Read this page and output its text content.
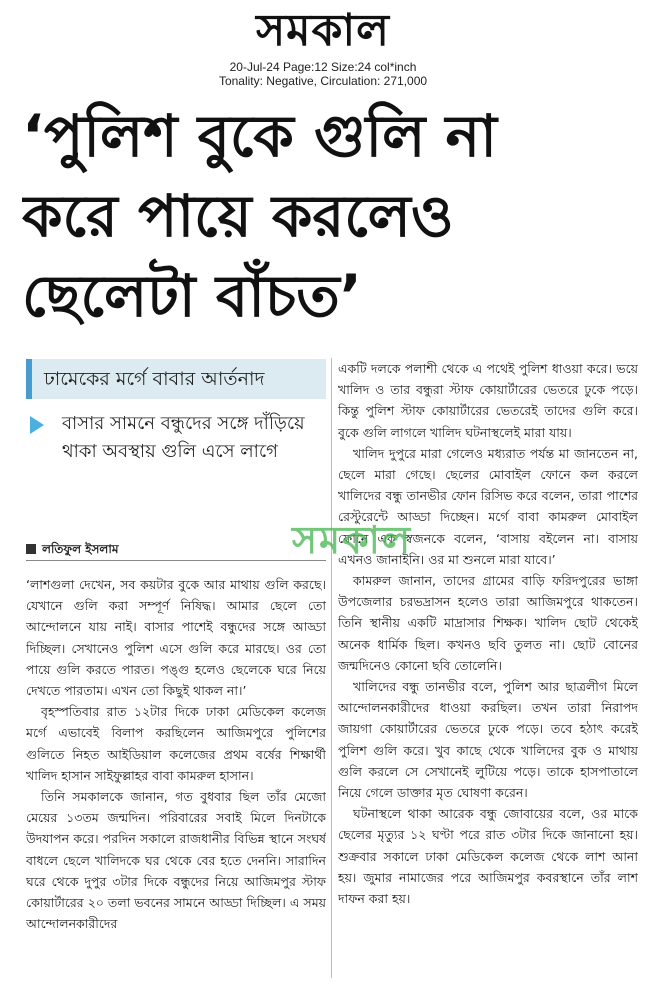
সমকাল
20-Jul-24 Page:12 Size:24 col*inch
Tonality: Negative, Circulation: 271,000
‘পুলিশ বুকে গুলি না
করে পায়ে করলেও
ছেলেটা বাঁচত’
ঢামেকের মর্গে বাবার আর্তনাদ
বাসার সামনে বন্ধুদের সঙ্গে দাঁড়িয়ে থাকা অবস্থায় গুলি এসে লাগে
লতিফুল ইসলাম

‘লাশগুলা দেখেন, সব কয়টার বুকে আর মাথায় গুলি করছে। যেখানে গুলি করা সম্পূর্ণ নিষিদ্ধ। আমার ছেলে তো আন্দোলনে যায় নাই। বাসার পাশেই বন্ধুদের সঙ্গে আড্ডা দিচ্ছিল। সেখানেও পুলিশ এসে গুলি করে মারছে। ওর তো পায়ে গুলি করতে পারত। পঙ্গু হলেও ছেলেকে ঘরে নিয়ে দেখতে পারতাম। এখন তো কিছুই থাকল না।’

বৃহস্পতিবার রাত ১২টার দিকে ঢাকা মেডিকেল কলেজ মর্গে এভাবেই বিলাপ করছিলেন আজিমপুরে পুলিশের গুলিতে নিহত আইডিয়াল কলেজের প্রথম বর্ষের শিক্ষার্থী খালিদ হাসান সাইফুল্লাহর বাবা কামরুল হাসান।

তিনি সমকালকে জানান, গত বুধবার ছিল তাঁর মেজো মেয়ের ১৩তম জন্মদিন। পরিবারের সবাই মিলে দিনটাকে উদযাপন করে। পরদিন সকালে রাজধানীর বিভিন্ন স্থানে সংঘর্ষ বাধলে ছেলে খালিদকে ঘর থেকে বের হতে দেননি। সারাদিন ঘরে থেকে দুপুর ৩টার দিকে বন্ধুদের নিয়ে আজিমপুর স্টাফ কোয়ার্টারের ২০ তলা ভবনের সামনে আড্ডা দিচ্ছিল। এ সময় আন্দোলনকারীদের

একটি দলকে পলাশী থেকে এ পথেই পুলিশ ধাওয়া করে। ভয়ে খালিদ ও তার বন্ধুরা স্টাফ কোয়ার্টারের ভেতরে ঢুকে পড়ে। কিন্তু পুলিশ স্টাফ কোয়ার্টারের ভেতরেই তাদের গুলি করে। বুকে গুলি লাগলে খালিদ ঘটনাস্থলেই মারা যায়।

খালিদ দুপুরে মারা গেলেও মধ্যরাত পর্যন্ত মা জানতেন না, ছেলে মারা গেছে। ছেলের মোবাইল ফোনে কল করলে খালিদের বন্ধু তানভীর ফোন রিসিভ করে বলেন, তারা পাশের রেস্টুরেন্টে আড্ডা দিচ্ছেন। মর্গে বাবা কামরুল মোবাইল ফোনে এক স্বজনকে বলেন, ‘বাসায় বইলেন না। বাসায় এখনও জানাইনি। ওর মা শুনলে মারা যাবে।’

কামরুল জানান, তাদের গ্রামের বাড়ি ফরিদপুরের ভাঙ্গা উপজেলার চরভদ্রাসন হলেও তারা আজিমপুরে থাকতেন। তিনি স্থানীয় একটি মাদ্রাসার শিক্ষক। খালিদ ছোট থেকেই অনেক ধার্মিক ছিল। কখনও ছবি তুলত না। ছোট বোনের জন্মদিনেও কোনো ছবি তোলেনি।

খালিদের বন্ধু তানভীর বলে, পুলিশ আর ছাত্রলীগ মিলে আন্দোলনকারীদের ধাওয়া করছিল। তখন তারা নিরাপদ জায়গা কোয়ার্টারের ভেতরে ঢুকে পড়ে। তবে হঠাৎ করেই পুলিশ গুলি করে। খুব কাছে থেকে খালিদের বুক ও মাথায় গুলি করলে সে সেখানেই লুটিয়ে পড়ে। তাকে হাসপাতালে নিয়ে গেলে ডাক্তার মৃত ঘোষণা করেন।

ঘটনাস্থলে থাকা আরেক বন্ধু জোবায়ের বলে, ওর মাকে ছেলের মৃত্যুর ১২ ঘণ্টা পরে রাত ৩টার দিকে জানানো হয়। শুক্রবার সকালে ঢাকা মেডিকেল কলেজ থেকে লাশ আনা হয়। জুমার নামাজের পরে আজিমপুর কবরস্থানে তাঁর লাশ দাফন করা হয়।

সমকাল
